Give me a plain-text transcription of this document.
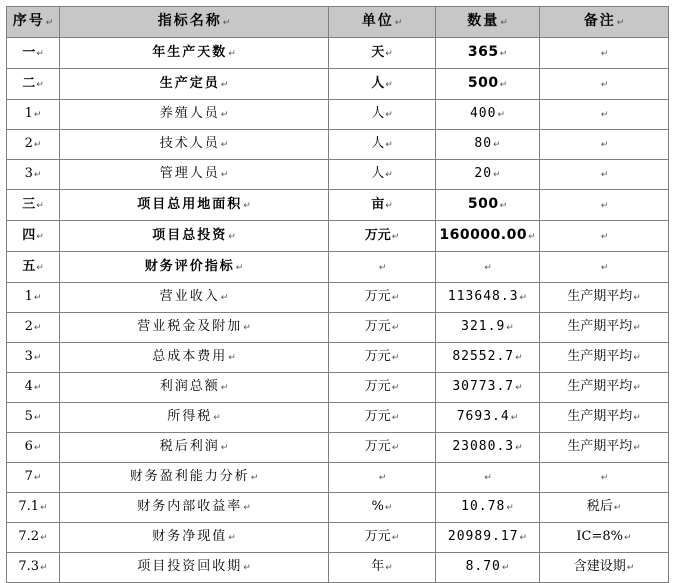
序号↵	指标名称↵	单位↵	数量↵	备注↵
一↵	年生产天数↵	天↵	365↵	↵
二↵	生产定员↵	人↵	500↵	↵
1↵	养殖人员↵	人↵	400↵	↵
2↵	技术人员↵	人↵	80↵	↵
3↵	管理人员↵	人↵	20↵	↵
三↵	项目总用地面积↵	亩↵	500↵	↵
四↵	项目总投资↵	万元↵	160000.00↵	↵
五↵	财务评价指标↵	↵	↵	↵
1↵	营业收入↵	万元↵	113648.3↵	生产期平均↵
2↵	营业税金及附加↵	万元↵	321.9↵	生产期平均↵
3↵	总成本费用↵	万元↵	82552.7↵	生产期平均↵
4↵	利润总额↵	万元↵	30773.7↵	生产期平均↵
5↵	所得税↵	万元↵	7693.4↵	生产期平均↵
6↵	税后利润↵	万元↵	23080.3↵	生产期平均↵
7↵	财务盈利能力分析↵	↵	↵	↵
7.1↵	财务内部收益率↵	%↵	10.78↵	税后↵
7.2↵	财务净现值↵	万元↵	20989.17↵	IC=8%↵
7.3↵	项目投资回收期↵	年↵	8.70↵	含建设期↵
